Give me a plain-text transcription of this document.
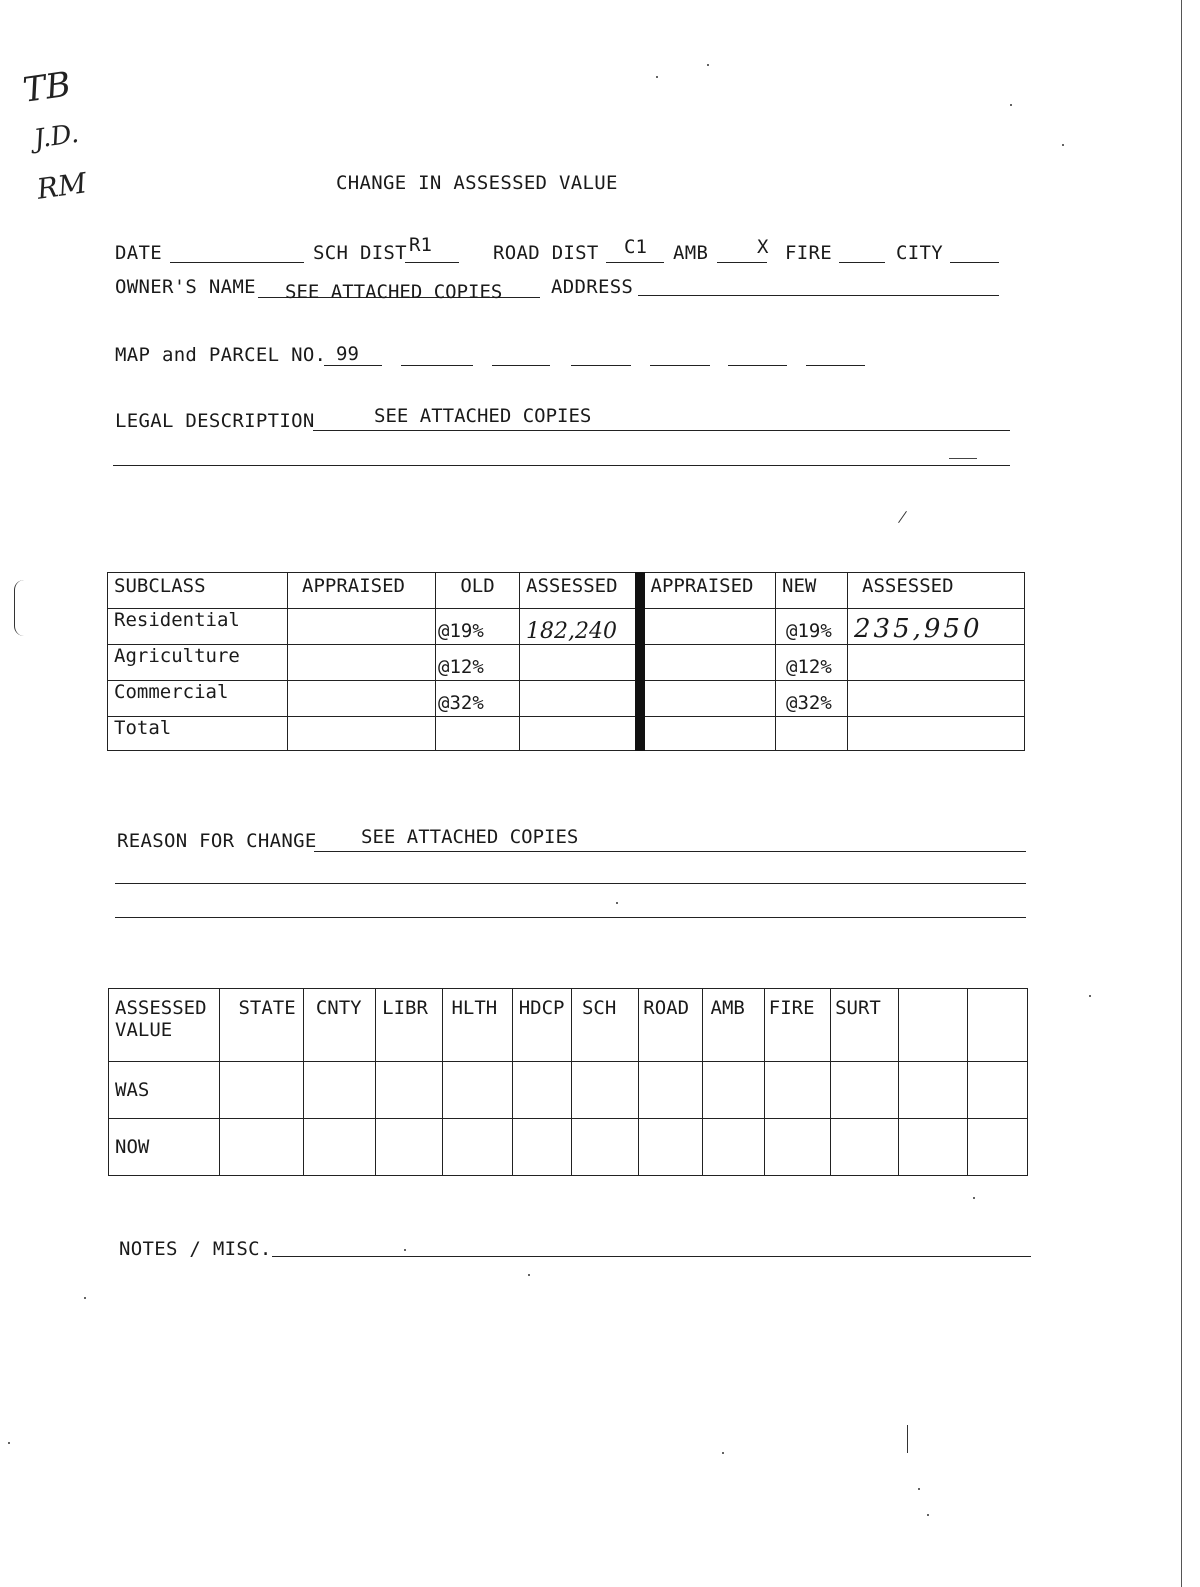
TB
J.D.
RM	CHANGE IN ASSESSED VALUE
DATE	SCH DIST R1	ROAD DIST C1 AMB	X FIRE	CITY
OWNER'S NAME SEE ATTACHED COPIES	ADDRESS
MAP and PARCEL NO. 99
LEGAL DESCRIPTION	SEE ATTACHED COPIES
SUBCLASS	APPRAISED	OLD	ASSESSED	APPRAISED	NEW	ASSESSED
Residential		@19%	182,240		@19%	235,950
Agriculture		@12%			@12%	
Commercial		@32%			@32%	
Total						
REASON FOR CHANGE SEE ATTACHED COPIES
ASSESSED VALUE	STATE	CNTY	LIBR	HLTH	HDCP	SCH	ROAD	AMB	FIRE	SURT		
WAS												
NOW												
NOTES / MISC.
